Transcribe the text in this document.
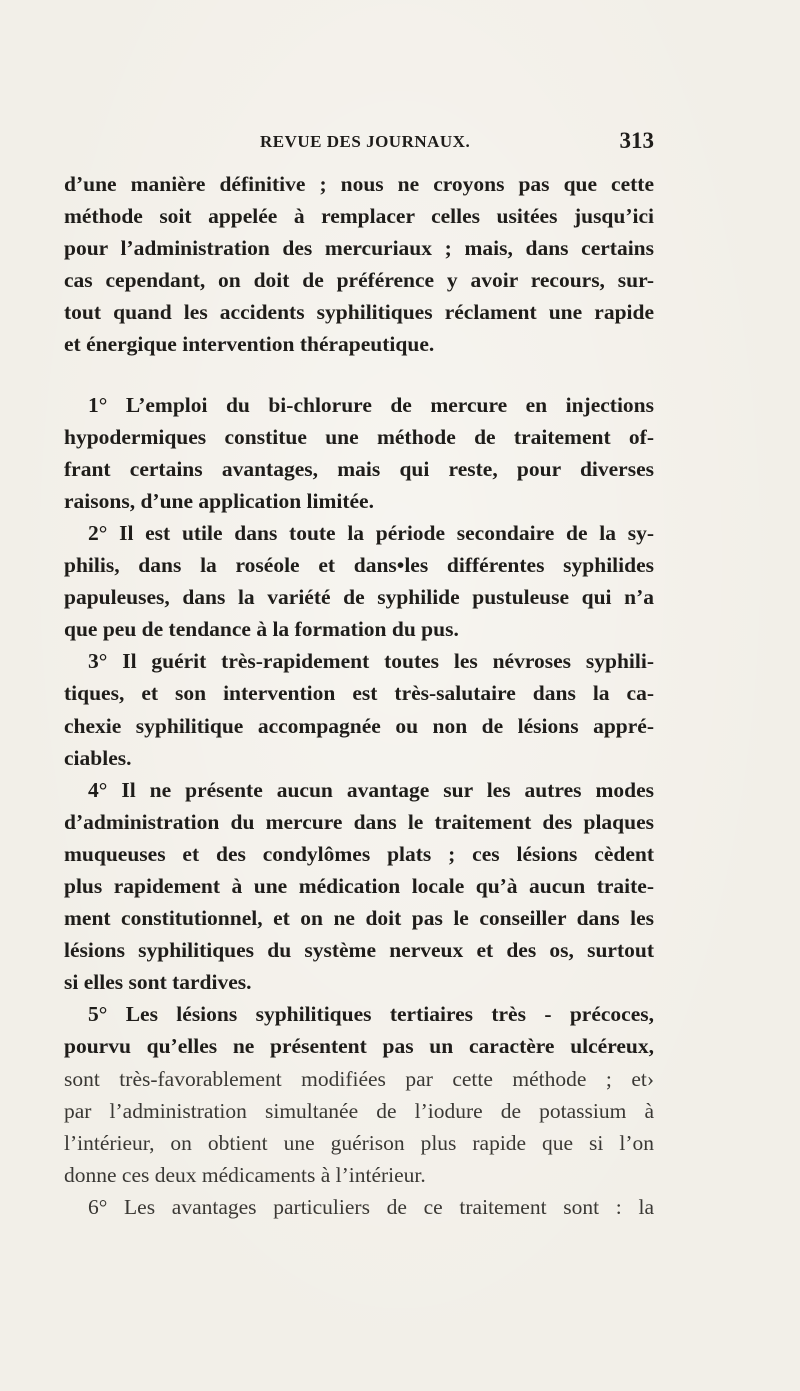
REVUE DES JOURNAUX.	313
d’une manière définitive ; nous ne croyons pas que cette
méthode soit appelée à remplacer celles usitées jusqu’ici
pour l’administration des mercuriaux ; mais, dans certains
cas cependant, on doit de préférence y avoir recours, sur-
tout quand les accidents syphilitiques réclament une rapide
et énergique intervention thérapeutique.
1° L’emploi du bi-chlorure de mercure en injections
hypodermiques constitue une méthode de traitement of-
frant certains avantages, mais qui reste, pour diverses
raisons, d’une application limitée.
2° Il est utile dans toute la période secondaire de la sy-
philis, dans la roséole et dans•les différentes syphilides
papuleuses, dans la variété de syphilide pustuleuse qui n’a
que peu de tendance à la formation du pus.
3° Il guérit très-rapidement toutes les névroses syphili-
tiques, et son intervention est très-salutaire dans la ca-
chexie syphilitique accompagnée ou non de lésions appré-
ciables.
4° Il ne présente aucun avantage sur les autres modes
d’administration du mercure dans le traitement des plaques
muqueuses et des condylômes plats ; ces lésions cèdent
plus rapidement à une médication locale qu’à aucun traite-
ment constitutionnel, et on ne doit pas le conseiller dans les
lésions syphilitiques du système nerveux et des os, surtout
si elles sont tardives.
5° Les lésions syphilitiques tertiaires très - précoces,
pourvu qu’elles ne présentent pas un caractère ulcéreux,
sont très-favorablement modifiées par cette méthode ; et›
par l’administration simultanée de l’iodure de potassium à
l’intérieur, on obtient une guérison plus rapide que si l’on
donne ces deux médicaments à l’intérieur.
6° Les avantages particuliers de ce traitement sont : la
